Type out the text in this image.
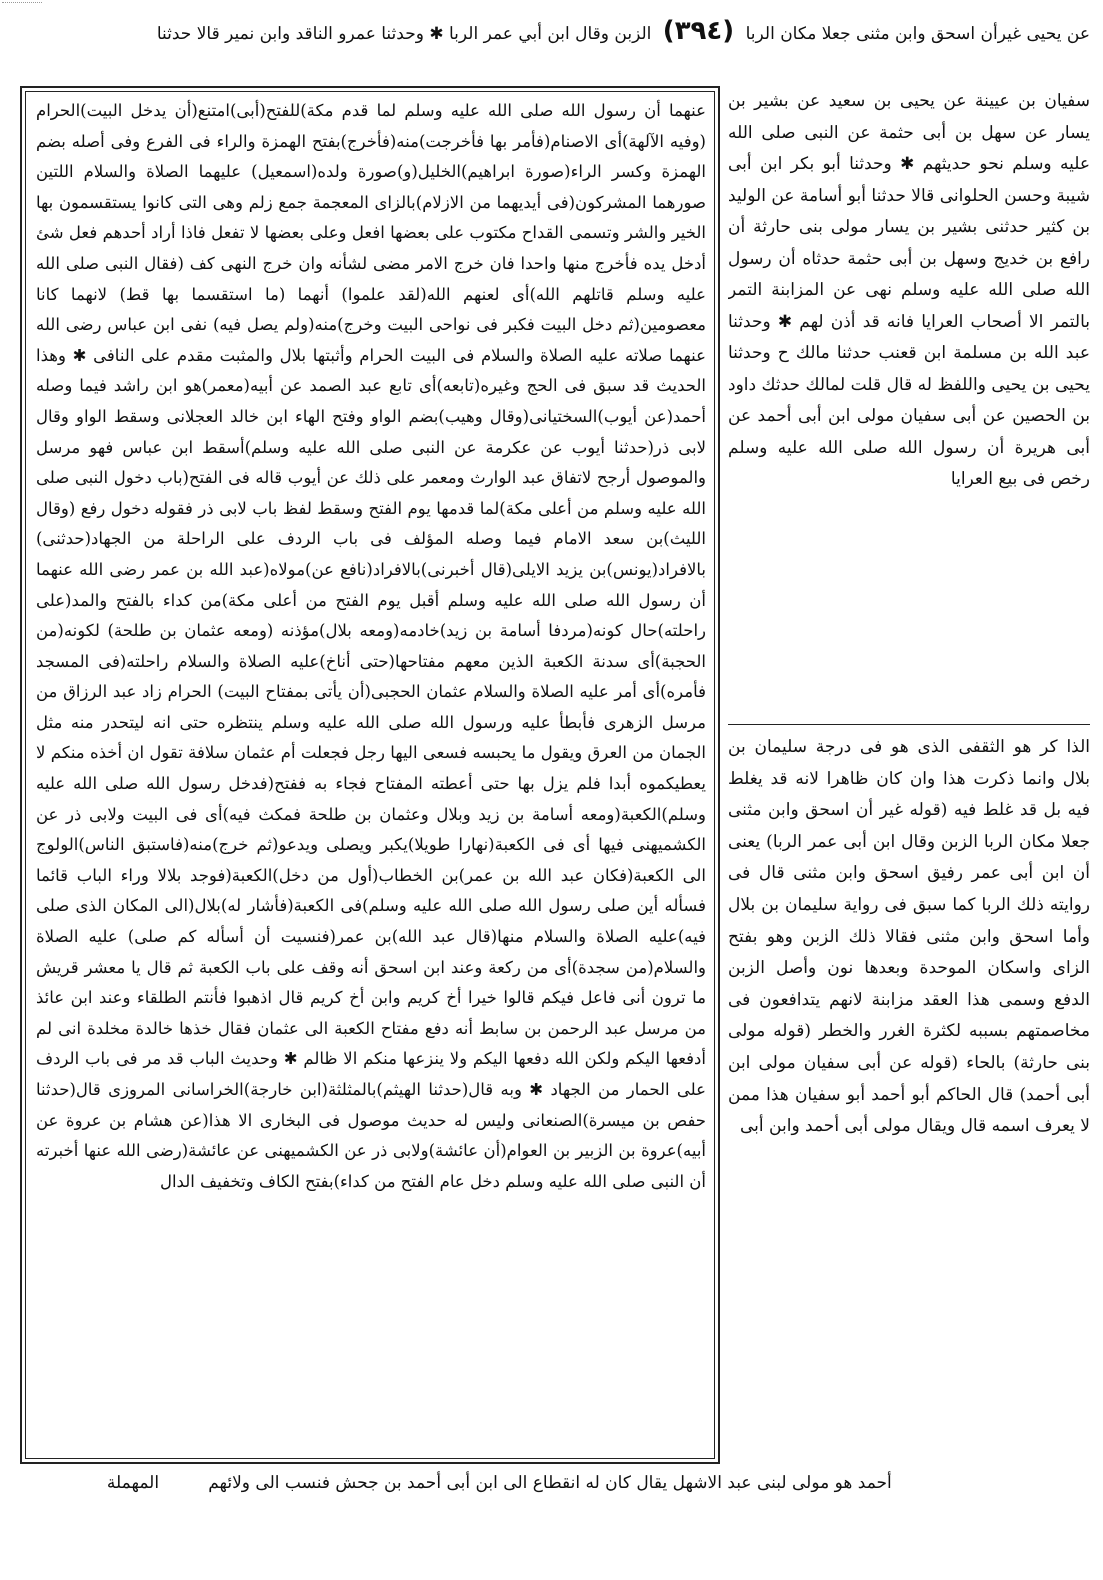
عن يحيى غيرأن اسحق وابن مثنى جعلا مكان الربا (٣٩٤) الزبن وقال ابن أبي عمر الربا ✱ وحدثنا عمرو الناقد وابن نمير قالا حدثنا

عنهما أن رسول الله صلى الله عليه وسلم لما قدم مكة)للفتح(أبى)امتنع(أن يدخل البيت)الحرام (وفيه الآلهة)أى الاصنام(فأمر بها فأخرجت)منه(فأخرج)بفتح الهمزة والراء فى الفرع وفى أصله بضم الهمزة وكسر الراء(صورة ابراهيم)الخليل(و)صورة ولده(اسمعيل) عليهما الصلاة والسلام اللتين صورهما المشركون(فى أيديهما من الازلام)بالزاى المعجمة جمع زلم وهى التى كانوا يستقسمون بها الخير والشر وتسمى القداح مكتوب على بعضها افعل وعلى بعضها لا تفعل فاذا أراد أحدهم فعل شئ أدخل يده فأخرج منها واحدا فان خرج الامر مضى لشأنه وان خرج النهى كف (فقال النبى صلى الله عليه وسلم قاتلهم الله)أى لعنهم الله(لقد علموا) أنهما (ما استقسما بها قط) لانهما كانا معصومين(ثم دخل البيت فكبر فى نواحى البيت وخرج)منه(ولم يصل فيه) نفى ابن عباس رضى الله عنهما صلاته عليه الصلاة والسلام فى البيت الحرام وأثبتها بلال والمثبت مقدم على النافى ✱ وهذا الحديث قد سبق فى الحج وغيره(تابعه)أى تابع عبد الصمد عن أبيه(معمر)هو ابن راشد فيما وصله أحمد(عن أيوب)السختيانى(وقال وهيب)بضم الواو وفتح الهاء ابن خالد العجلانى وسقط الواو وقال لابى ذر(حدثنا أيوب عن عكرمة عن النبى صلى الله عليه وسلم)أسقط ابن عباس فهو مرسل والموصول أرجح لاتفاق عبد الوارث ومعمر على ذلك عن أيوب قاله فى الفتح(باب دخول النبى صلى الله عليه وسلم من أعلى مكة)لما قدمها يوم الفتح وسقط لفظ باب لابى ذر فقوله دخول رفع (وقال الليث)بن سعد الامام فيما وصله المؤلف فى باب الردف على الراحلة من الجهاد(حدثنى) بالافراد(يونس)بن يزيد الايلى(قال أخبرنى)بالافراد(نافع عن)مولاه(عبد الله بن عمر رضى الله عنهما أن رسول الله صلى الله عليه وسلم أقبل يوم الفتح من أعلى مكة)من كداء بالفتح والمد(على راحلته)حال كونه(مردفا أسامة بن زيد)خادمه(ومعه بلال)مؤذنه (ومعه عثمان بن طلحة) لكونه(من الحجبة)أى سدنة الكعبة الذين معهم مفتاحها(حتى أناخ)عليه الصلاة والسلام راحلته(فى المسجد فأمره)أى أمر عليه الصلاة والسلام عثمان الحجبى(أن يأتى بمفتاح البيت) الحرام زاد عبد الرزاق من مرسل الزهرى فأبطأ عليه ورسول الله صلى الله عليه وسلم ينتظره حتى انه ليتحدر منه مثل الجمان من العرق ويقول ما يحبسه فسعى اليها رجل فجعلت أم عثمان سلافة تقول ان أخذه منكم لا يعطيكموه أبدا فلم يزل بها حتى أعطته المفتاح فجاء به ففتح(فدخل رسول الله صلى الله عليه وسلم)الكعبة(ومعه أسامة بن زيد وبلال وعثمان بن طلحة فمكث فيه)أى فى البيت ولابى ذر عن الكشميهنى فيها أى فى الكعبة(نهارا طويلا)يكبر ويصلى ويدعو(ثم خرج)منه(فاستبق الناس)الولوج الى الكعبة(فكان عبد الله بن عمر)بن الخطاب(أول من دخل)الكعبة(فوجد بلالا وراء الباب قائما فسأله أين صلى رسول الله صلى الله عليه وسلم)فى الكعبة(فأشار له)بلال(الى المكان الذى صلى فيه)عليه الصلاة والسلام منها(قال عبد الله)بن عمر(فنسيت أن أسأله كم صلى) عليه الصلاة والسلام(من سجدة)أى من ركعة وعند ابن اسحق أنه وقف على باب الكعبة ثم قال يا معشر قريش ما ترون أنى فاعل فيكم قالوا خيرا أخ كريم وابن أخ كريم قال اذهبوا فأنتم الطلقاء وعند ابن عائذ من مرسل عبد الرحمن بن سابط أنه دفع مفتاح الكعبة الى عثمان فقال خذها خالدة مخلدة انى لم أدفعها اليكم ولكن الله دفعها اليكم ولا ينزعها منكم الا ظالم ✱ وحديث الباب قد مر فى باب الردف على الحمار من الجهاد ✱ وبه قال(حدثنا الهيثم)بالمثلثة(ابن خارجة)الخراسانى المروزى قال(حدثنا حفص بن ميسرة)الصنعانى وليس له حديث موصول فى البخارى الا هذا(عن هشام بن عروة عن أبيه)عروة بن الزبير بن العوام(أن عائشة)ولابى ذر عن الكشميهنى عن عائشة(رضى الله عنها أخبرته أن النبى صلى الله عليه وسلم دخل عام الفتح من كداء)بفتح الكاف وتخفيف الدال

سفيان بن عيينة عن يحيى بن سعيد عن بشير بن يسار عن سهل بن أبى حثمة عن النبى صلى الله عليه وسلم نحو حديثهم ✱ وحدثنا أبو بكر ابن أبى شيبة وحسن الحلوانى قالا حدثنا أبو أسامة عن الوليد بن كثير حدثنى بشير بن يسار مولى بنى حارثة أن رافع بن خديج وسهل بن أبى حثمة حدثاه أن رسول الله صلى الله عليه وسلم نهى عن المزابنة التمر بالتمر الا أصحاب العرايا فانه قد أذن لهم ✱ وحدثنا عبد الله بن مسلمة ابن قعنب حدثنا مالك ح وحدثنا يحيى بن يحيى واللفظ له قال قلت لمالك حدثك داود بن الحصين عن أبى سفيان مولى ابن أبى أحمد عن أبى هريرة أن رسول الله صلى الله عليه وسلم رخص فى بيع العرايا

الذا كر هو الثقفى الذى هو فى درجة سليمان بن بلال وانما ذكرت هذا وان كان ظاهرا لانه قد يغلط فيه بل قد غلط فيه (قوله غير أن اسحق وابن مثنى جعلا مكان الربا الزبن وقال ابن أبى عمر الربا) يعنى أن ابن أبى عمر رفيق اسحق وابن مثنى قال فى روايته ذلك الربا كما سبق فى رواية سليمان بن بلال وأما اسحق وابن مثنى فقالا ذلك الزبن وهو بفتح الزاى واسكان الموحدة وبعدها نون وأصل الزبن الدفع وسمى هذا العقد مزابنة لانهم يتدافعون فى مخاصمتهم بسببه لكثرة الغرر والخطر (قوله مولى بنى حارثة) بالحاء (قوله عن أبى سفيان مولى ابن أبى أحمد) قال الحاكم أبو أحمد أبو سفيان هذا ممن لا يعرف اسمه قال ويقال مولى أبى أحمد وابن أبى

أحمد هو مولى لبنى عبد الاشهل يقال كان له انقطاع الى ابن أبى أحمد بن جحش فنسب الى ولائهم
المهملة
